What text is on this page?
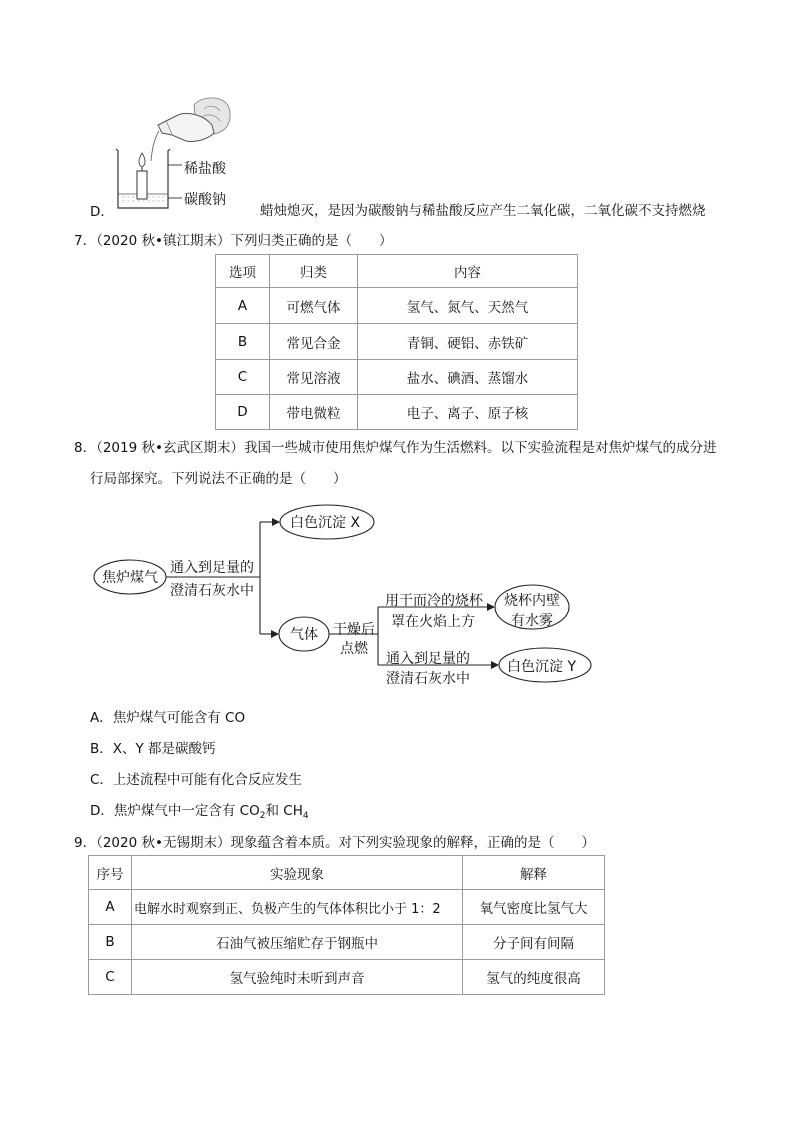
稀盐酸
碳酸钠
D．	蜡烛熄灭，是因为碳酸钠与稀盐酸反应产生二氧化碳，二氧化碳不支持燃烧
7．（2020 秋•镇江期末）下列归类正确的是（　　）
选项	归类	内容
A	可燃气体	氢气、氮气、天然气
B	常见合金	青铜、硬铝、赤铁矿
C	常见溶液	盐水、碘酒、蒸馏水
D	带电微粒	电子、离子、原子核
8．（2019 秋•玄武区期末）我国一些城市使用焦炉煤气作为生活燃料。以下实验流程是对焦炉煤气的成分进
行局部探究。下列说法不正确的是（　　）
焦炉煤气
通入到足量的
澄清石灰水中
白色沉淀 X
气体 干燥后
点燃
用干而冷的烧杯
罩在火焰上方
烧杯内壁
有水雾
通入到足量的
澄清石灰水中
白色沉淀 Y
A．焦炉煤气可能含有 CO
B．X、Y 都是碳酸钙
C．上述流程中可能有化合反应发生
D．焦炉煤气中一定含有 $CO_2$和 $CH_4$
9．（2020 秋•无锡期末）现象蕴含着本质。对下列实验现象的解释，正确的是（　　）
序号	实验现象	解释
A	电解水时观察到正、负极产生的气体体积比小于 1：2	氧气密度比氢气大
B	石油气被压缩贮存于钢瓶中	分子间有间隔
C	氢气验纯时未听到声音	氢气的纯度很高
